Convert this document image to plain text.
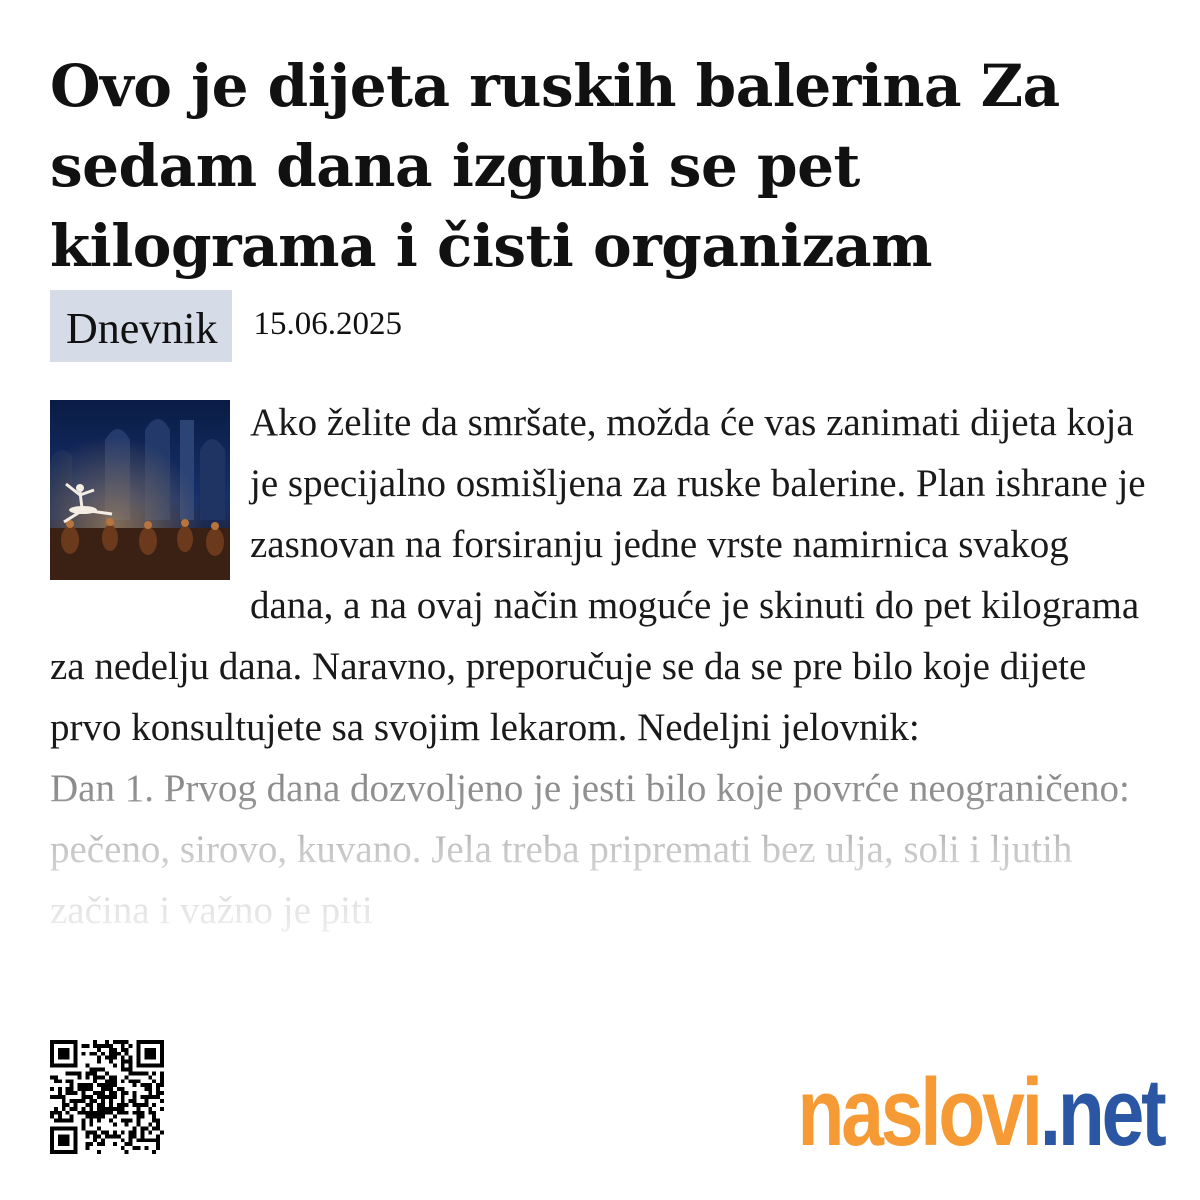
Ovo je dijeta ruskih balerina Za sedam dana izgubi se pet kilograma i čisti organizam
Dnevnik	15.06.2025

Ako želite da smršate, možda će vas zanimati dijeta koja je specijalno osmišljena za ruske balerine. Plan ishrane je zasnovan na forsiranju jedne vrste namirnica svakog dana, a na ovaj način moguće je skinuti do pet kilograma za nedelju dana. Naravno, preporučuje se da se pre bilo koje dijete prvo konsultujete sa svojim lekarom. Nedeljni jelovnik:

Dan 1. Prvog dana dozvoljeno je jesti bilo koje povrće neograničeno: pečeno, sirovo, kuvano. Jela treba pripremati bez ulja, soli i ljutih začina i važno je piti

naslovi.net
